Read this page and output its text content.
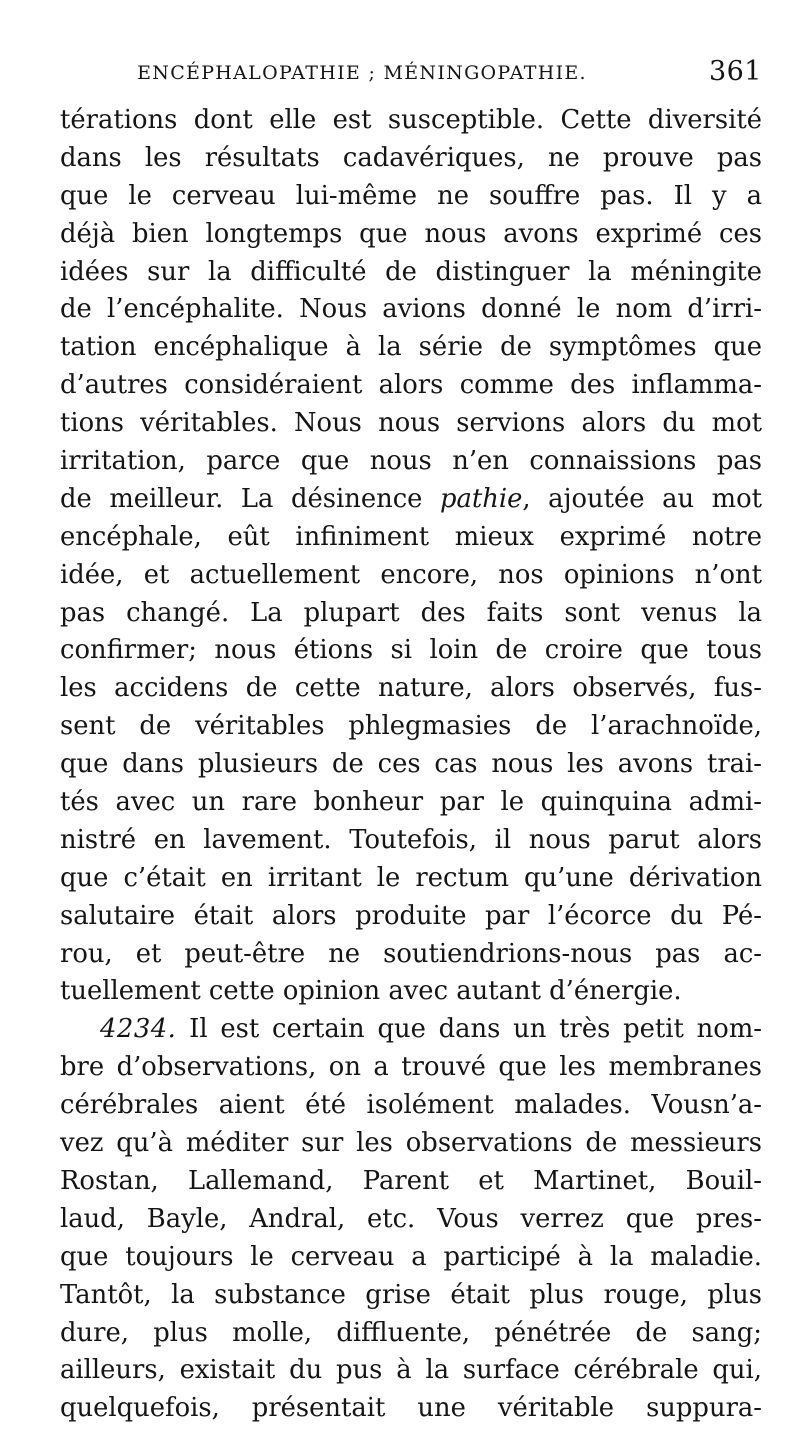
ENCÉPHALOPATHIE ; MÉNINGOPATHIE.	361
térations dont elle est susceptible. Cette diversité
dans les résultats cadavériques, ne prouve pas
que le cerveau lui-même ne souffre pas. Il y a
déjà bien longtemps que nous avons exprimé ces
idées sur la difficulté de distinguer la méningite
de l’encéphalite. Nous avions donné le nom d’irri-
tation encéphalique à la série de symptômes que
d’autres considéraient alors comme des inflamma-
tions véritables. Nous nous servions alors du mot
irritation, parce que nous n’en connaissions pas
de meilleur. La désinence pathie, ajoutée au mot
encéphale, eût infiniment mieux exprimé notre
idée, et actuellement encore, nos opinions n’ont
pas changé. La plupart des faits sont venus la
confirmer; nous étions si loin de croire que tous
les accidens de cette nature, alors observés, fus-
sent de véritables phlegmasies de l’arachnoïde,
que dans plusieurs de ces cas nous les avons trai-
tés avec un rare bonheur par le quinquina admi-
nistré en lavement. Toutefois, il nous parut alors
que c’était en irritant le rectum qu’une dérivation
salutaire était alors produite par l’écorce du Pé-
rou, et peut-être ne soutiendrions-nous pas ac-
tuellement cette opinion avec autant d’énergie.
4234. Il est certain que dans un très petit nom-
bre d’observations, on a trouvé que les membranes
cérébrales aient été isolément malades. Vousn’a-
vez qu’à méditer sur les observations de messieurs
Rostan, Lallemand, Parent et Martinet, Bouil-
laud, Bayle, Andral, etc. Vous verrez que pres-
que toujours le cerveau a participé à la maladie.
Tantôt, la substance grise était plus rouge, plus
dure, plus molle, diffluente, pénétrée de sang;
ailleurs, existait du pus à la surface cérébrale qui,
quelquefois, présentait une véritable suppura-
